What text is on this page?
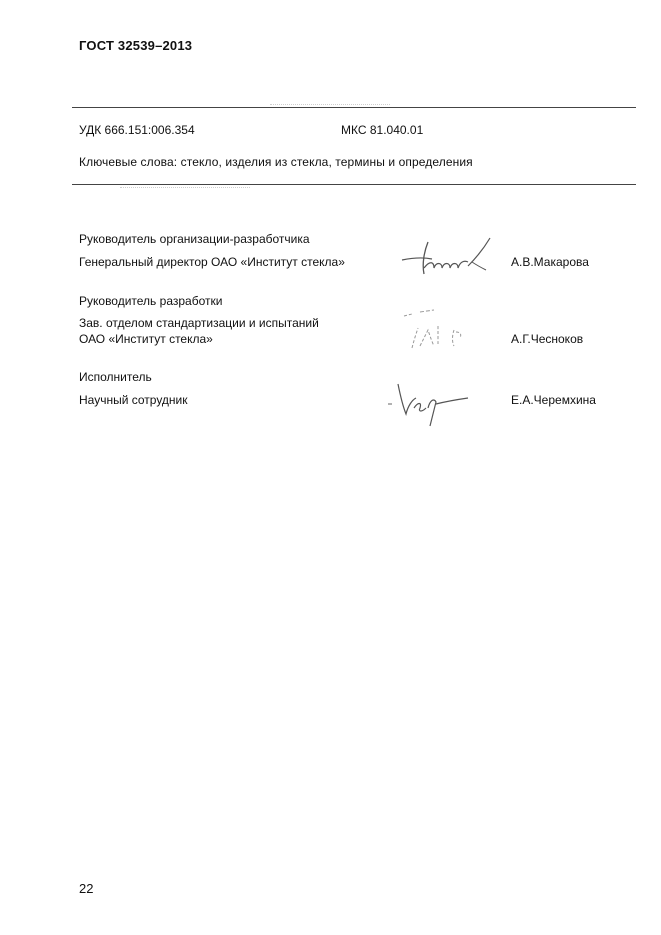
ГОСТ 32539–2013
УДК 666.151:006.354	МКС 81.040.01
Ключевые слова: стекло, изделия из стекла, термины и определения
Руководитель организации-разработчика
Генеральный директор ОАО «Институт стекла»	А.В.Макарова
Руководитель разработки
Зав. отделом стандартизации и испытаний
ОАО «Институт стекла»	А.Г.Чесноков
Исполнитель
Научный сотрудник	Е.А.Черемхина
22
